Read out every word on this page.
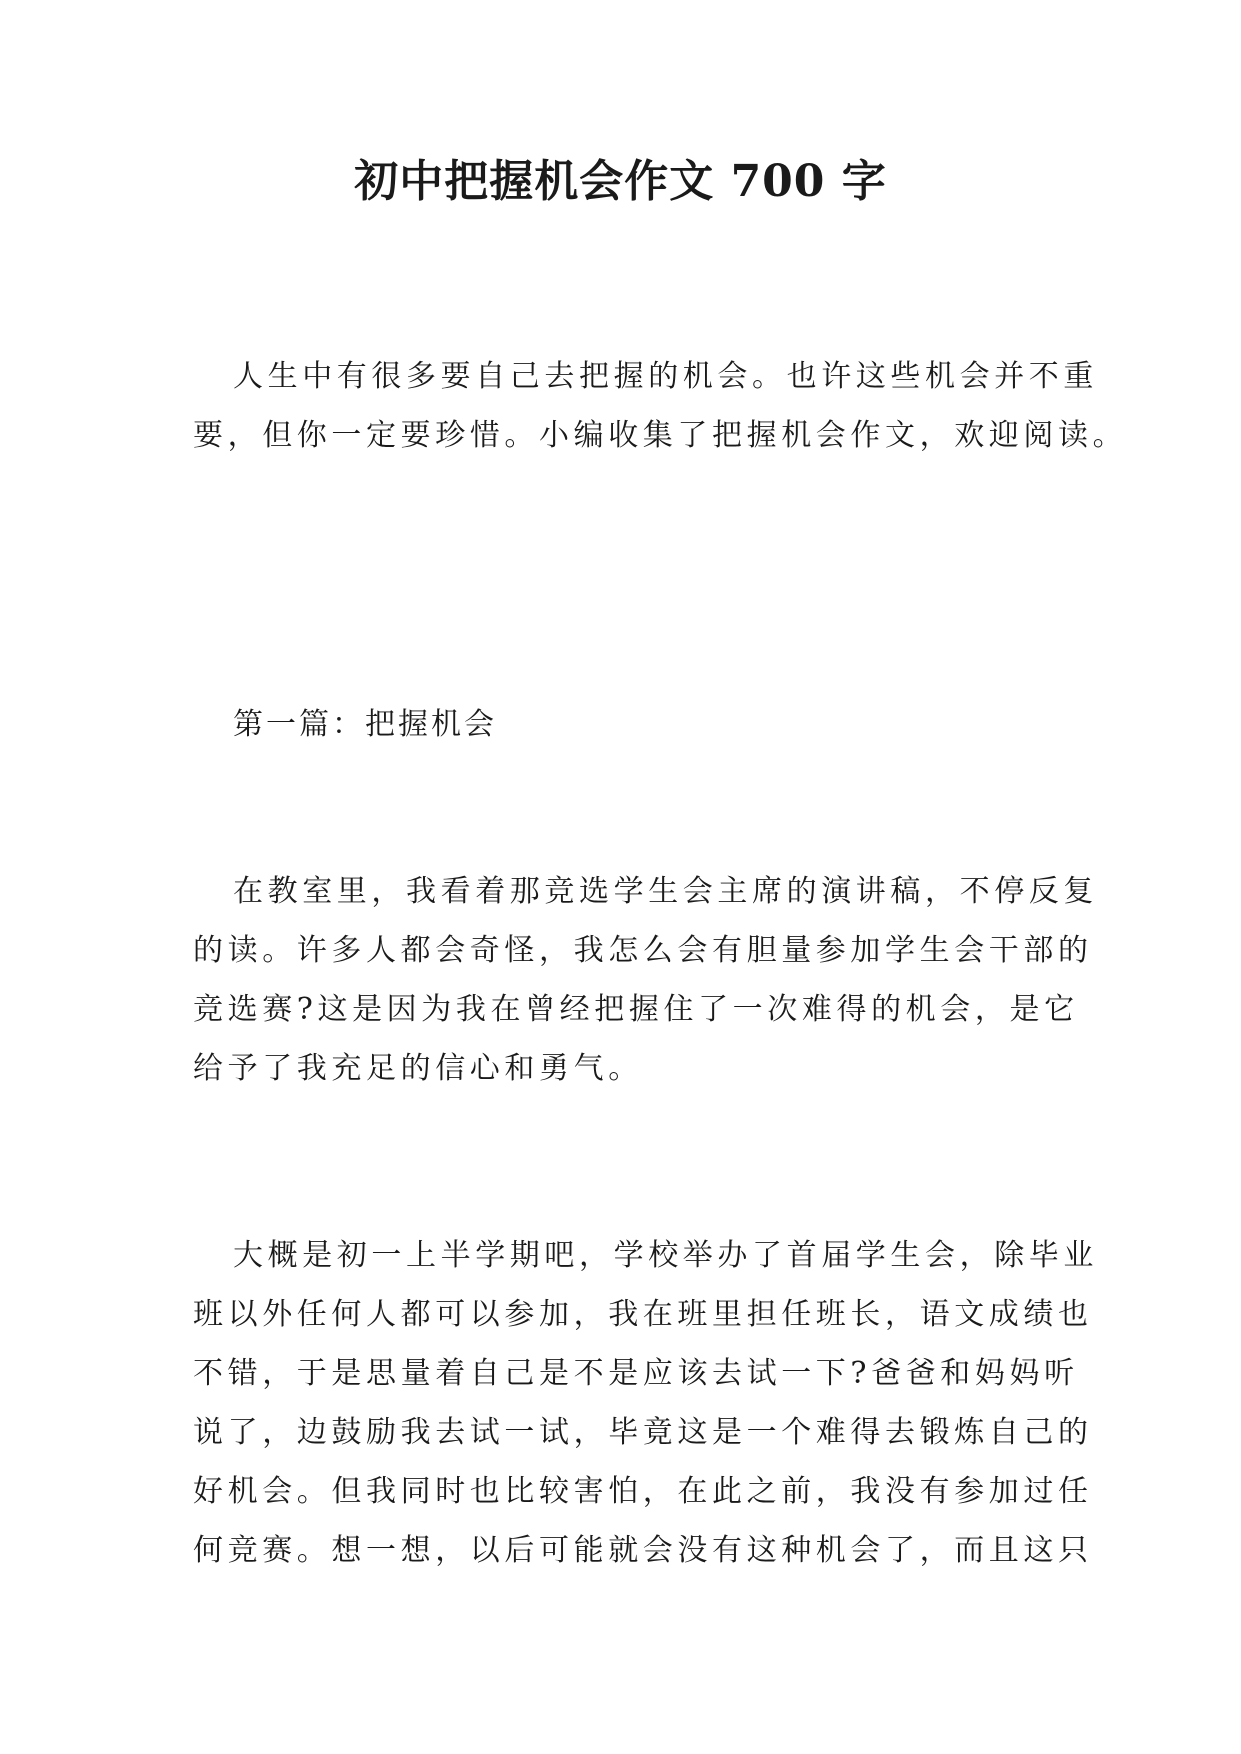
初中把握机会作文 700 字

人生中有很多要自己去把握的机会。也许这些机会并不重
要，但你一定要珍惜。小编收集了把握机会作文，欢迎阅读。

第一篇：把握机会

在教室里，我看着那竞选学生会主席的演讲稿，不停反复
的读。许多人都会奇怪，我怎么会有胆量参加学生会干部的
竞选赛?这是因为我在曾经把握住了一次难得的机会，是它
给予了我充足的信心和勇气。

大概是初一上半学期吧，学校举办了首届学生会，除毕业
班以外任何人都可以参加，我在班里担任班长，语文成绩也
不错，于是思量着自己是不是应该去试一下?爸爸和妈妈听
说了，边鼓励我去试一试，毕竟这是一个难得去锻炼自己的
好机会。但我同时也比较害怕，在此之前，我没有参加过任
何竞赛。想一想，以后可能就会没有这种机会了，而且这只
